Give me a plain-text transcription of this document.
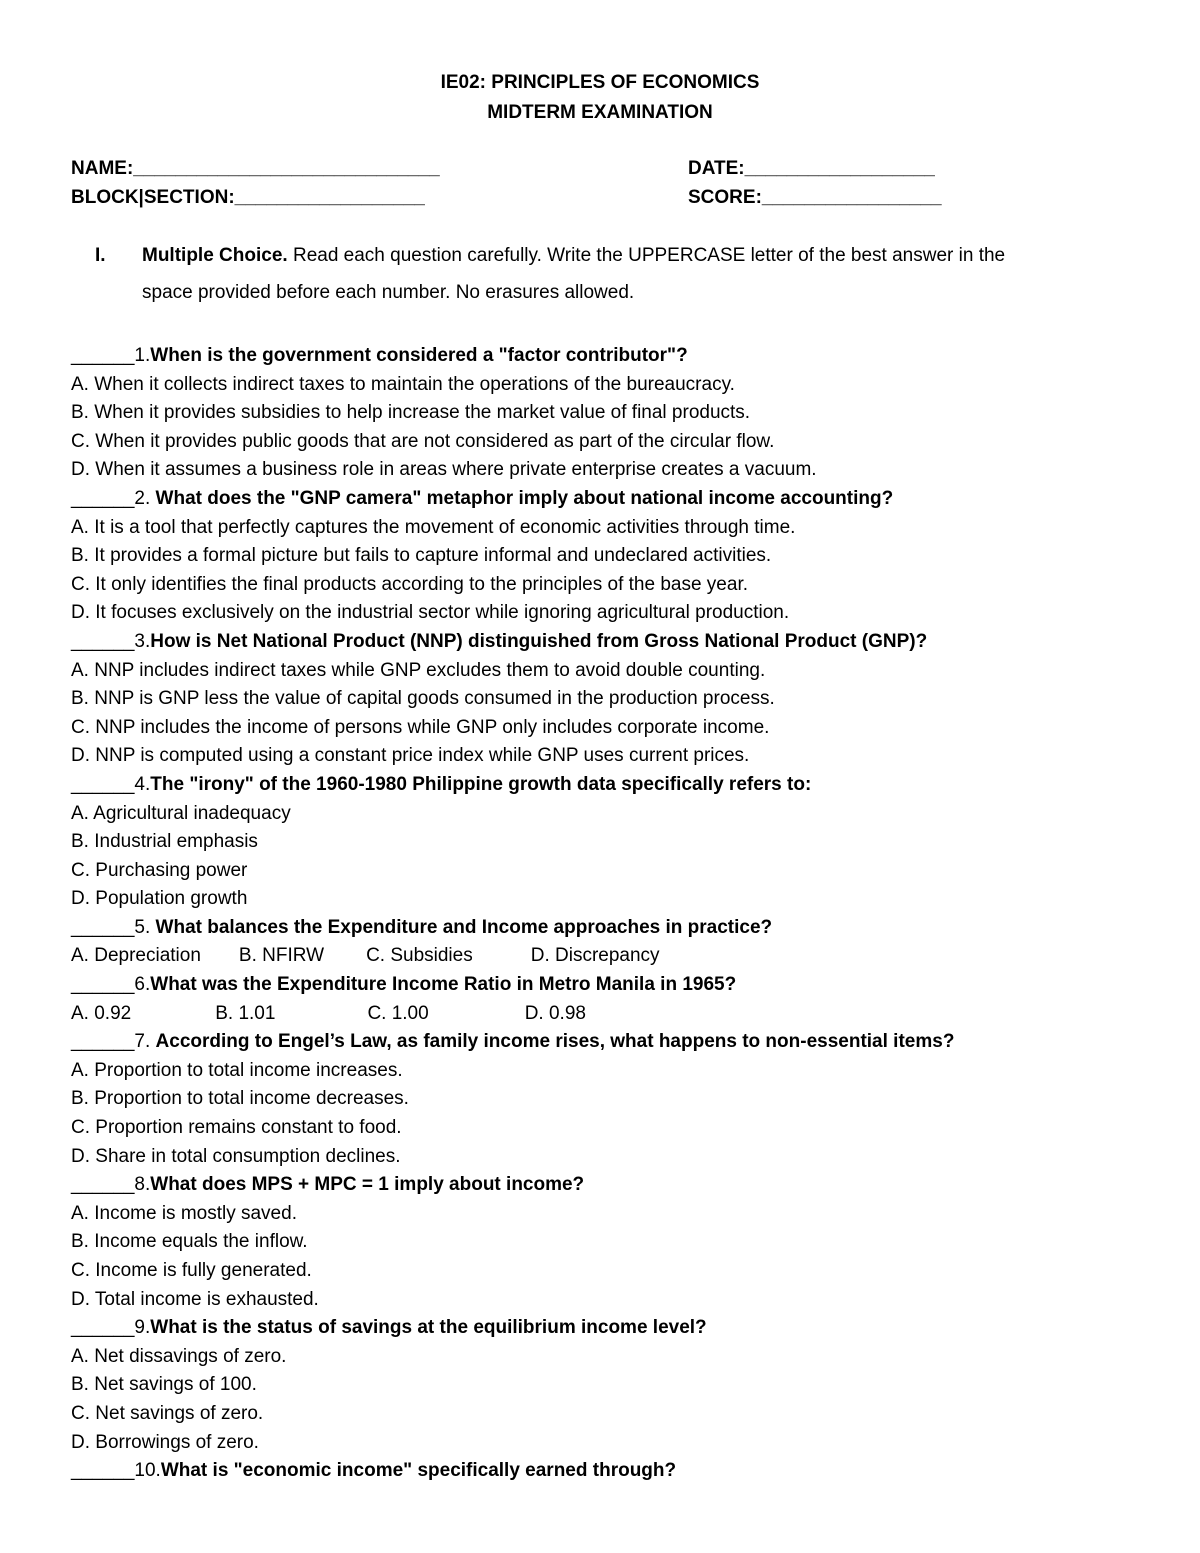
IE02: PRINCIPLES OF ECONOMICS
MIDTERM EXAMINATION
NAME:_____________________________	DATE:__________________
BLOCK|SECTION:__________________	SCORE:_________________
I. Multiple Choice. Read each question carefully. Write the UPPERCASE letter of the best answer in the
space provided before each number. No erasures allowed.
______1.When is the government considered a "factor contributor"?
A. When it collects indirect taxes to maintain the operations of the bureaucracy.
B. When it provides subsidies to help increase the market value of final products.
C. When it provides public goods that are not considered as part of the circular flow.
D. When it assumes a business role in areas where private enterprise creates a vacuum.
______2. What does the "GNP camera" metaphor imply about national income accounting?
A. It is a tool that perfectly captures the movement of economic activities through time.
B. It provides a formal picture but fails to capture informal and undeclared activities.
C. It only identifies the final products according to the principles of the base year.
D. It focuses exclusively on the industrial sector while ignoring agricultural production.
______3.How is Net National Product (NNP) distinguished from Gross National Product (GNP)?
A. NNP includes indirect taxes while GNP excludes them to avoid double counting.
B. NNP is GNP less the value of capital goods consumed in the production process.
C. NNP includes the income of persons while GNP only includes corporate income.
D. NNP is computed using a constant price index while GNP uses current prices.
______4.The "irony" of the 1960-1980 Philippine growth data specifically refers to:
A. Agricultural inadequacy
B. Industrial emphasis
C. Purchasing power
D. Population growth
______5. What balances the Expenditure and Income approaches in practice?
A. Depreciation B. NFIRW C. Subsidies	D. Discrepancy
______6.What was the Expenditure Income Ratio in Metro Manila in 1965?
A. 0.92	B. 1.01	C. 1.00	D. 0.98
______7. According to Engel’s Law, as family income rises, what happens to non-essential items?
A. Proportion to total income increases.
B. Proportion to total income decreases.
C. Proportion remains constant to food.
D. Share in total consumption declines.
______8.What does MPS + MPC = 1 imply about income?
A. Income is mostly saved.
B. Income equals the inflow.
C. Income is fully generated.
D. Total income is exhausted.
______9.What is the status of savings at the equilibrium income level?
A. Net dissavings of zero.
B. Net savings of 100.
C. Net savings of zero.
D. Borrowings of zero.
______10.What is "economic income" specifically earned through?
